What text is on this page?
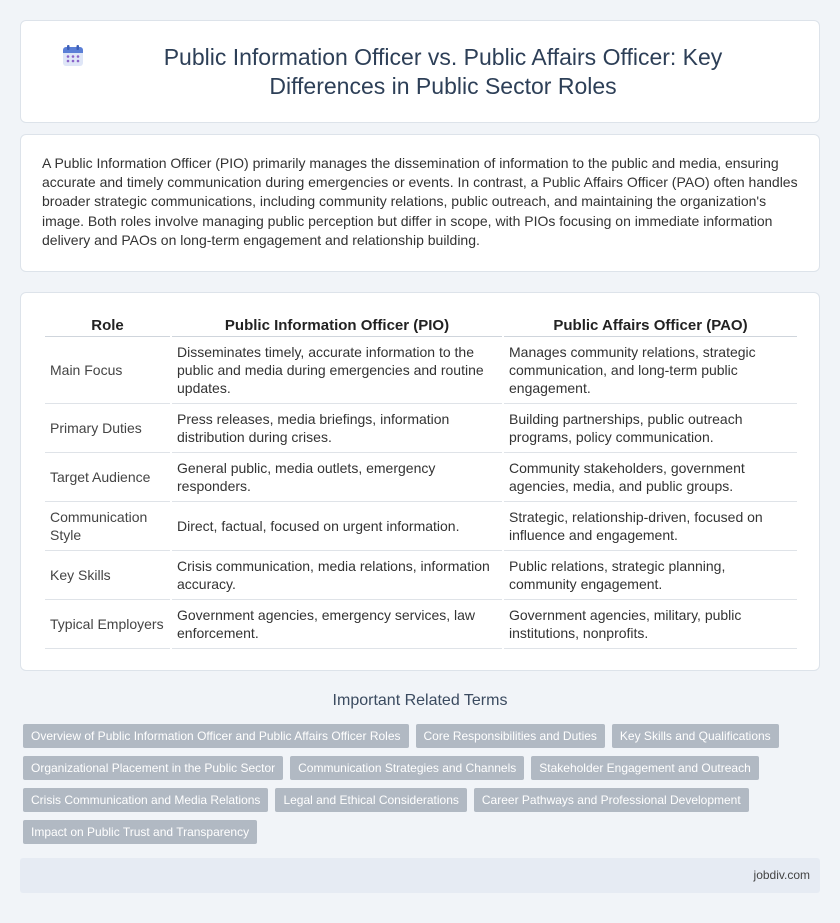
Public Information Officer vs. Public Affairs Officer: Key Differences in Public Sector Roles

A Public Information Officer (PIO) primarily manages the dissemination of information to the public and media, ensuring accurate and timely communication during emergencies or events. In contrast, a Public Affairs Officer (PAO) often handles broader strategic communications, including community relations, public outreach, and maintaining the organization's image. Both roles involve managing public perception but differ in scope, with PIOs focusing on immediate information delivery and PAOs on long-term engagement and relationship building.

Role	Public Information Officer (PIO)	Public Affairs Officer (PAO)
Main Focus	Disseminates timely, accurate information to the public and media during emergencies and routine updates.	Manages community relations, strategic communication, and long-term public engagement.
Primary Duties	Press releases, media briefings, information distribution during crises.	Building partnerships, public outreach programs, policy communication.
Target Audience	General public, media outlets, emergency responders.	Community stakeholders, government agencies, media, and public groups.
Communication Style	Direct, factual, focused on urgent information.	Strategic, relationship-driven, focused on influence and engagement.
Key Skills	Crisis communication, media relations, information accuracy.	Public relations, strategic planning, community engagement.
Typical Employers	Government agencies, emergency services, law enforcement.	Government agencies, military, public institutions, nonprofits.
Important Related Terms
Overview of Public Information Officer and Public Affairs Officer Roles	Core Responsibilities and Duties	Key Skills and Qualifications
Organizational Placement in the Public Sector	Communication Strategies and Channels	Stakeholder Engagement and Outreach
Crisis Communication and Media Relations	Legal and Ethical Considerations	Career Pathways and Professional Development
Impact on Public Trust and Transparency
jobdiv.com
